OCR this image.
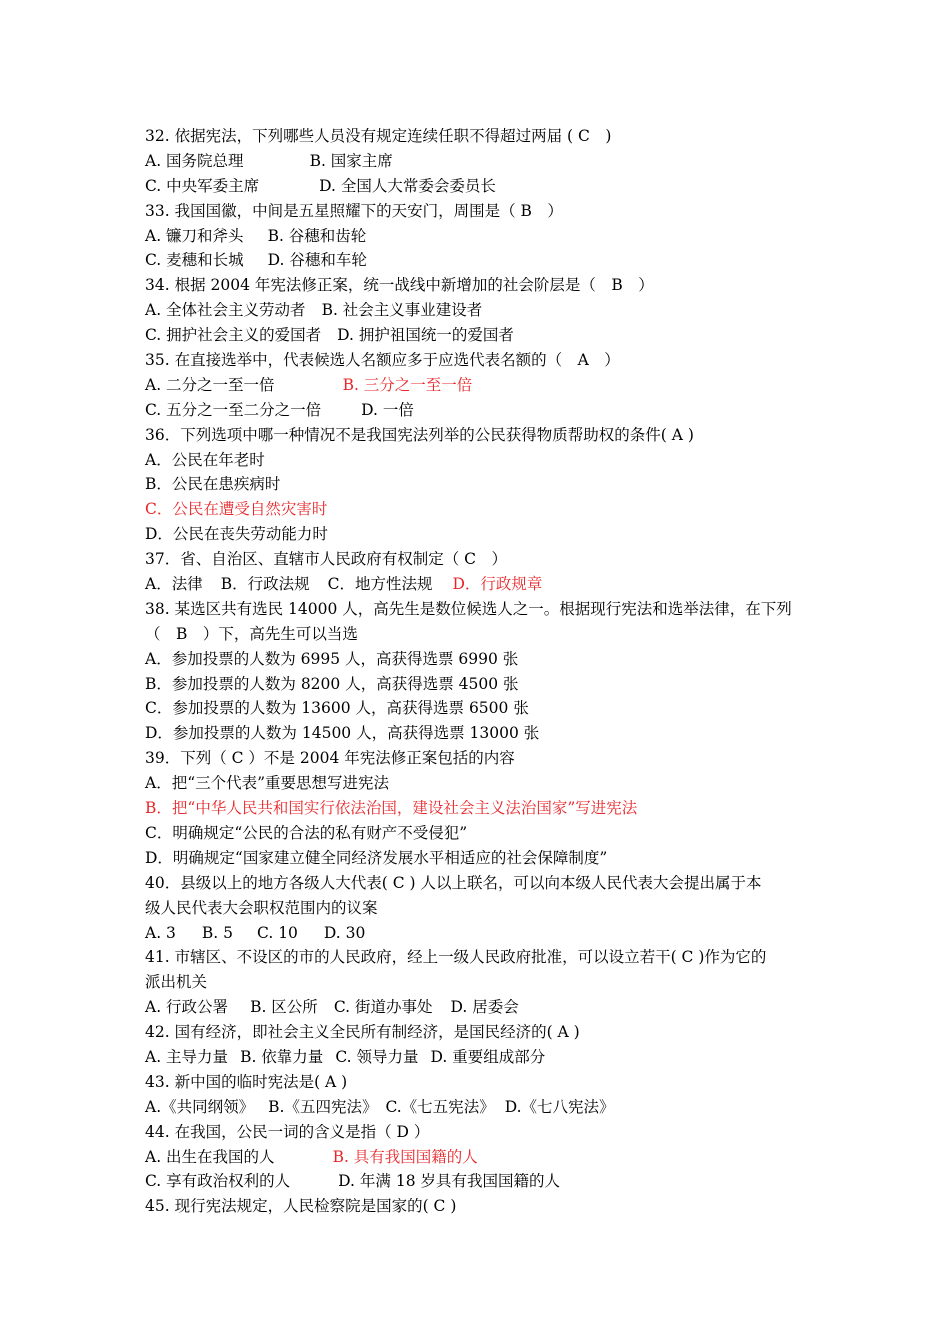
32. 依据宪法，下列哪些人员没有规定连续任职不得超过两届 ( C　)
A. 国务院总理	B. 国家主席
C. 中央军委主席	D. 全国人大常委会委员长
33. 我国国徽，中间是五星照耀下的天安门，周围是（ B　）
A. 镰刀和斧头 B. 谷穗和齿轮
C. 麦穗和长城 D. 谷穗和车轮
34. 根据 2004 年宪法修正案，统一战线中新增加的社会阶层是（　B　）
A. 全体社会主义劳动者 B. 社会主义事业建设者
C. 拥护社会主义的爱国者 D. 拥护祖国统一的爱国者
35. 在直接选举中，代表候选人名额应多于应选代表名额的（　A　）
A. 二分之一至一倍	B. 三分之一至一倍
C. 五分之一至二分之一倍	D. 一倍
36．下列选项中哪一种情况不是我国宪法列举的公民获得物质帮助权的条件( A )
A．公民在年老时
B．公民在患疾病时
C．公民在遭受自然灾害时
D．公民在丧失劳动能力时
37．省、自治区、直辖市人民政府有权制定（ C　）
A．法律 B．行政法规 C．地方性法规 D．行政规章
38. 某选区共有选民 14000 人，高先生是数位候选人之一。根据现行宪法和选举法律，在下列
（　B　）下，高先生可以当选
A．参加投票的人数为 6995 人，高获得选票 6990 张
B．参加投票的人数为 8200 人，高获得选票 4500 张
C．参加投票的人数为 13600 人，高获得选票 6500 张
D．参加投票的人数为 14500 人，高获得选票 13000 张
39．下列（ C ）不是 2004 年宪法修正案包括的内容
A．把“三个代表”重要思想写进宪法
B．把“中华人民共和国实行依法治国，建设社会主义法治国家”写进宪法
C．明确规定“公民的合法的私有财产不受侵犯”
D．明确规定“国家建立健全同经济发展水平相适应的社会保障制度”
40．县级以上的地方各级人大代表( C ) 人以上联名，可以向本级人民代表大会提出属于本
级人民代表大会职权范围内的议案
A. 3 B. 5 C. 10 D. 30
41. 市辖区、不设区的市的人民政府，经上一级人民政府批准，可以设立若干( C )作为它的
派出机关
A. 行政公署 B. 区公所 C. 街道办事处 D. 居委会
42. 国有经济，即社会主义全民所有制经济，是国民经济的( A )
A. 主导力量 B. 依靠力量 C. 领导力量 D. 重要组成部分
43. 新中国的临时宪法是( A )
A.《共同纲领》 B.《五四宪法》 C.《七五宪法》 D.《七八宪法》
44. 在我国，公民一词的含义是指（ D ）
A. 出生在我国的人	B. 具有我国国籍的人
C. 享有政治权利的人	D. 年满 18 岁具有我国国籍的人
45. 现行宪法规定，人民检察院是国家的( C )
